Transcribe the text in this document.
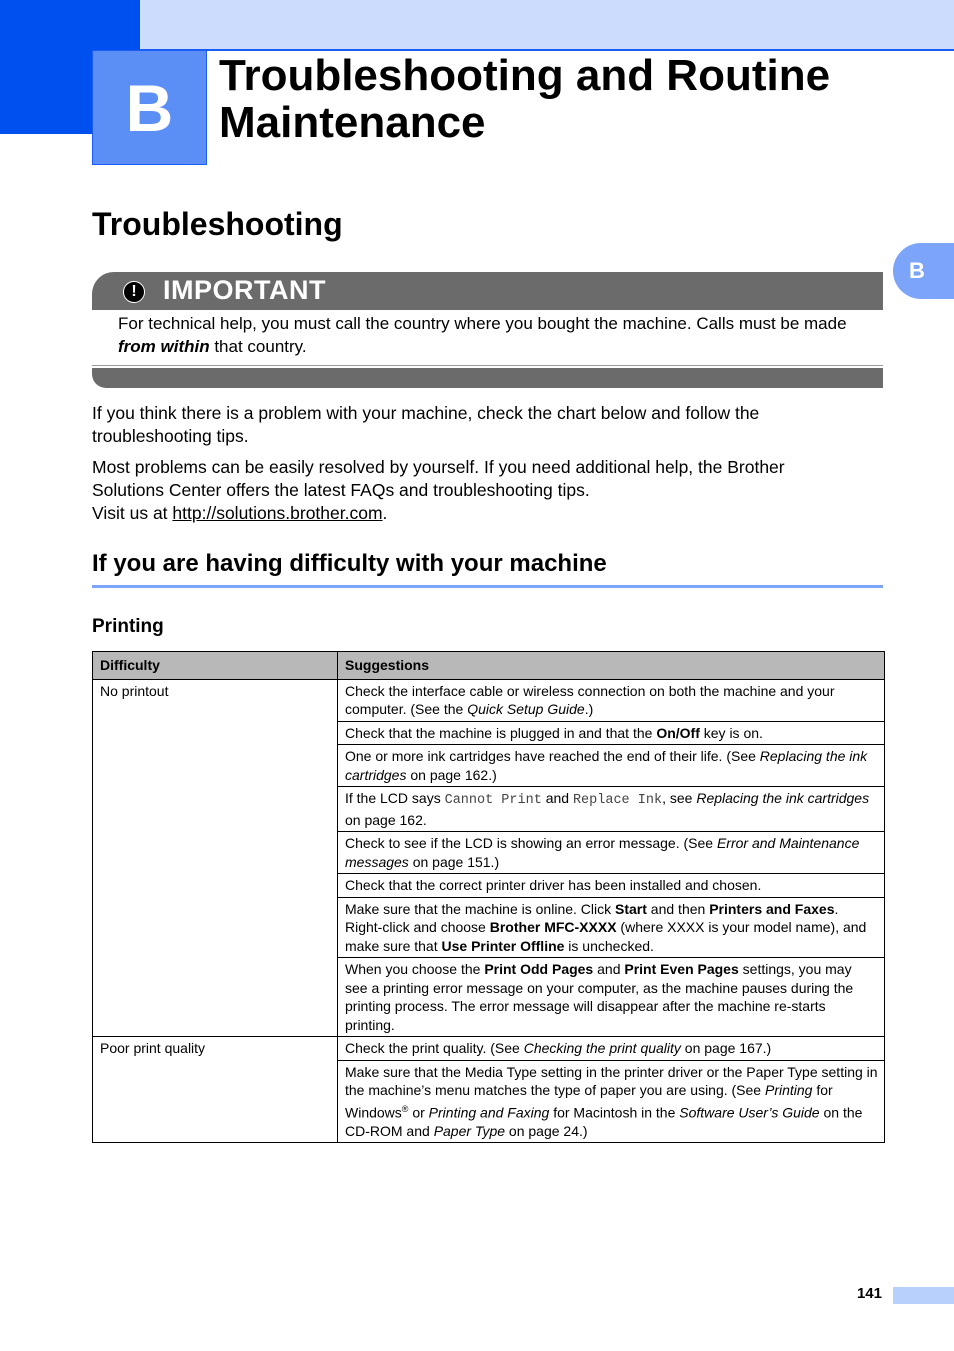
B Troubleshooting and Routine Maintenance
B
Troubleshooting
! IMPORTANT

For technical help, you must call the country where you bought the machine. Calls must be made from within that country.

If you think there is a problem with your machine, check the chart below and follow the troubleshooting tips.

Most problems can be easily resolved by yourself. If you need additional help, the Brother Solutions Center offers the latest FAQs and troubleshooting tips.

Visit us at http://solutions.brother.com.

If you are having difficulty with your machine
Printing
Difficulty	Suggestions
No printout	Check the interface cable or wireless connection on both the machine and your computer. (See the Quick Setup Guide.)
	Check that the machine is plugged in and that the On/Off key is on.
	One or more ink cartridges have reached the end of their life. (See Replacing the ink cartridges on page 162.)
	If the LCD says Cannot Print and Replace Ink, see Replacing the ink cartridges on page 162.
	Check to see if the LCD is showing an error message. (See Error and Maintenance messages on page 151.)
	Check that the correct printer driver has been installed and chosen.
	Make sure that the machine is online. Click Start and then Printers and Faxes. Right-click and choose Brother MFC-XXXX (where XXXX is your model name), and make sure that Use Printer Offline is unchecked.
	When you choose the Print Odd Pages and Print Even Pages settings, you may see a printing error message on your computer, as the machine pauses during the printing process. The error message will disappear after the machine re-starts printing.
Poor print quality	Check the print quality. (See Checking the print quality on page 167.)
	Make sure that the Media Type setting in the printer driver or the Paper Type setting in the machine’s menu matches the type of paper you are using. (See Printing for Windows® or Printing and Faxing for Macintosh in the Software User’s Guide on the CD-ROM and Paper Type on page 24.)
141
